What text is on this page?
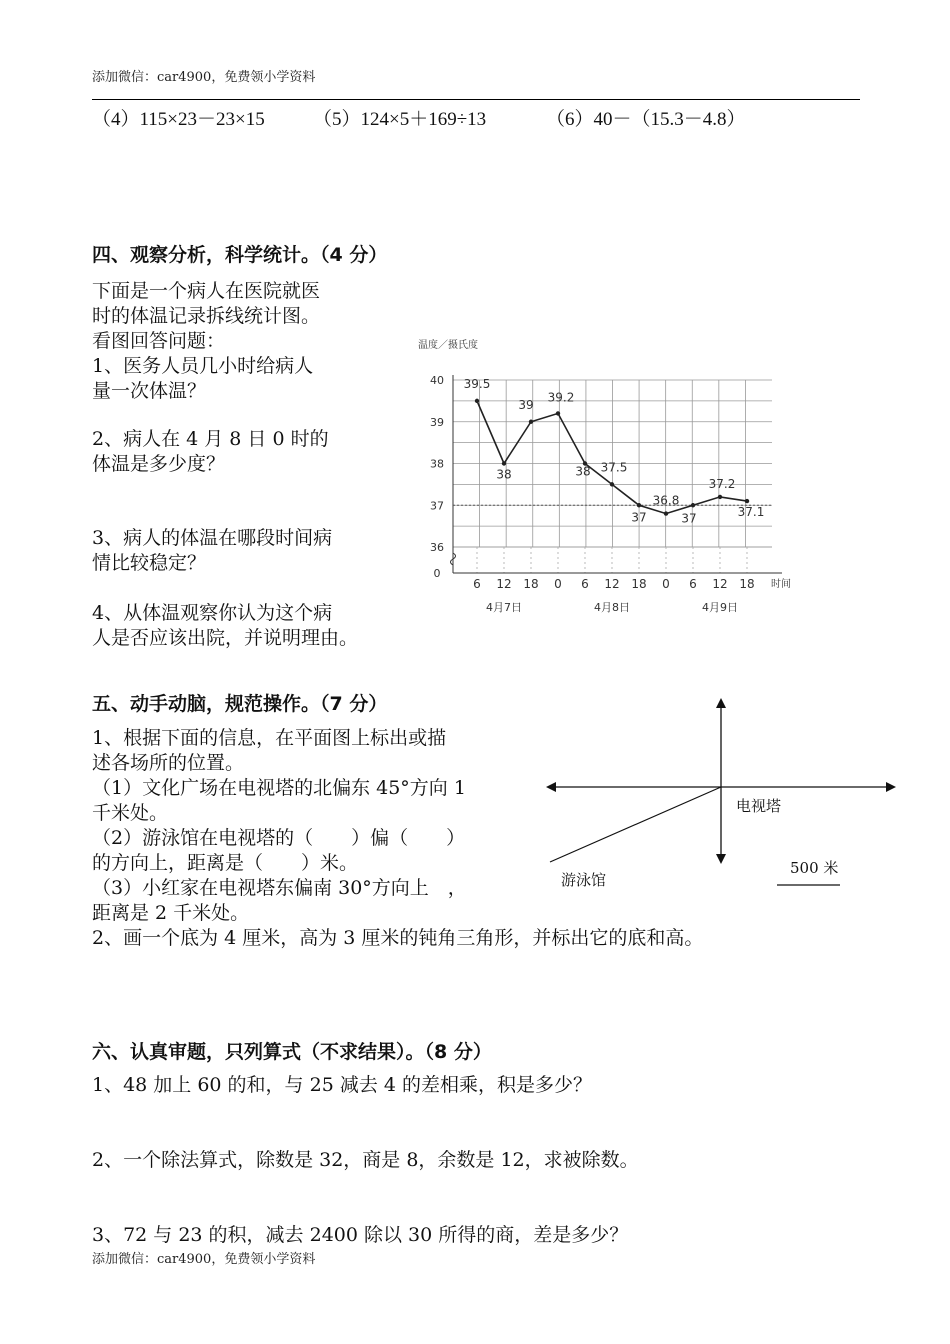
添加微信：car4900，免费领小学资料
（4）115×23－23×15	（5）124×5＋169÷13	（6）40－（15.3－4.8）
四、观察分析，科学统计。（4 分）
下面是一个病人在医院就医
时的体温记录拆线统计图。
看图回答问题：
1、医务人员几小时给病人
量一次体温？
2、病人在 4 月 8 日 0 时的
体温是多少度？
3、病人的体温在哪段时间病
情比较稳定？
4、从体温观察你认为这个病
人是否应该出院，并说明理由。
温度／摄氏度
36
37
38
39
40
0
6 12 18 0 6 12 18 0 6 12 18 时间
4月7日	4月8日	4月9日
39.5
38
39
39.2
38 37.5
37
36.8
37
37.2
37.1
五、动手动脑，规范操作。（7 分）
1、根据下面的信息，在平面图上标出或描
述各场所的位置。
（1）文化广场在电视塔的北偏东 45°方向 1
千米处。
（2）游泳馆在电视塔的（　　）偏（　　）
的方向上，距离是（　　）米。
（3）小红家在电视塔东偏南 30°方向上　，
距离是 2 千米处。
2、画一个底为 4 厘米，高为 3 厘米的钝角三角形，并标出它的底和高。
电视塔
游泳馆
500 米
六、认真审题，只列算式（不求结果）。（8 分）
1、48 加上 60 的和，与 25 减去 4 的差相乘，积是多少？
2、一个除法算式，除数是 32，商是 8，余数是 12，求被除数。
3、72 与 23 的积，减去 2400 除以 30 所得的商，差是多少？
添加微信：car4900，免费领小学资料
